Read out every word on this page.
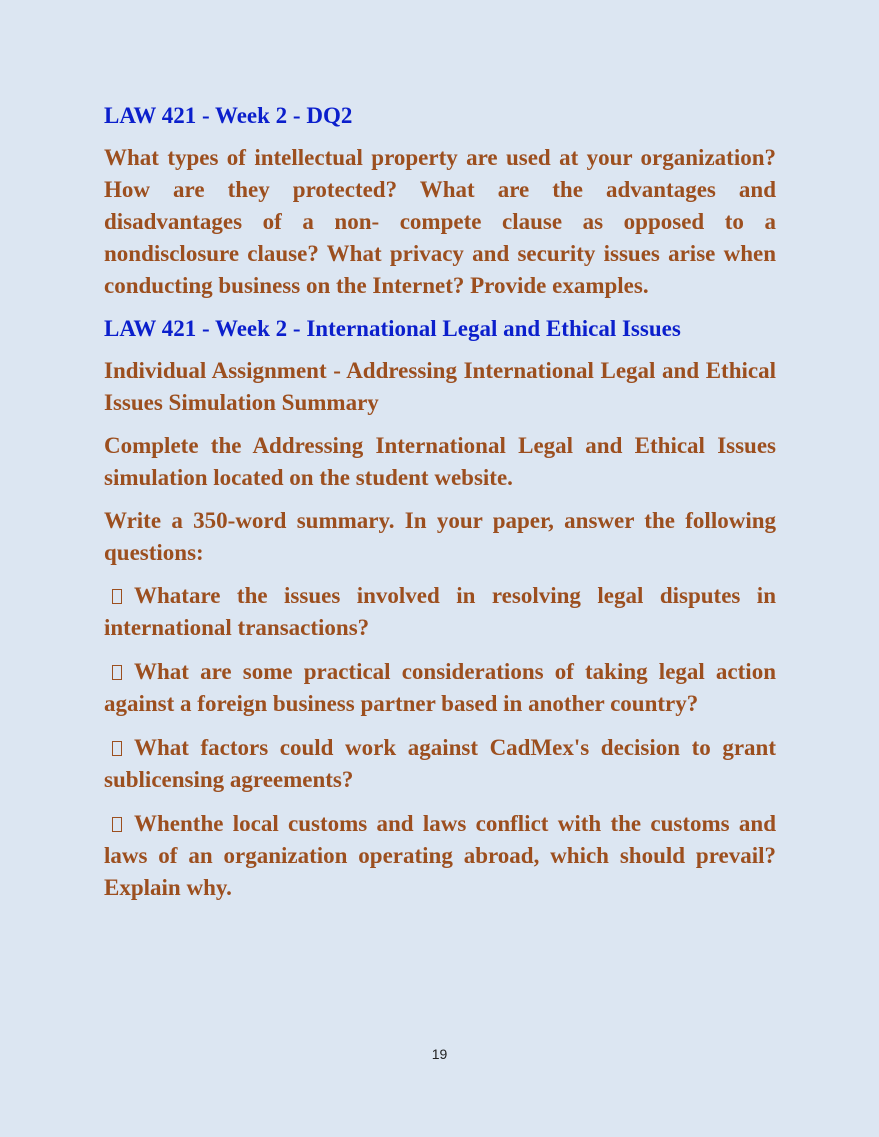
LAW 421 - Week 2 - DQ2
What types of intellectual property are used at your organization? How are they protected? What are the advantages and disadvantages of a non- compete clause as opposed to a nondisclosure clause? What privacy and security issues arise when conducting business on the Internet? Provide examples.
LAW 421 - Week 2 - International Legal and Ethical Issues
Individual Assignment - Addressing International Legal and Ethical Issues Simulation Summary
Complete the Addressing International Legal and Ethical Issues simulation located on the student website.
Write a 350-word summary. In your paper, answer the following questions:
Whatare the issues involved in resolving legal disputes in international transactions?
What are some practical considerations of taking legal action against a foreign business partner based in another country?
What factors could work against CadMex's decision to grant sublicensing agreements?
Whenthe local customs and laws conflict with the customs and laws of an organization operating abroad, which should prevail? Explain why.
19
